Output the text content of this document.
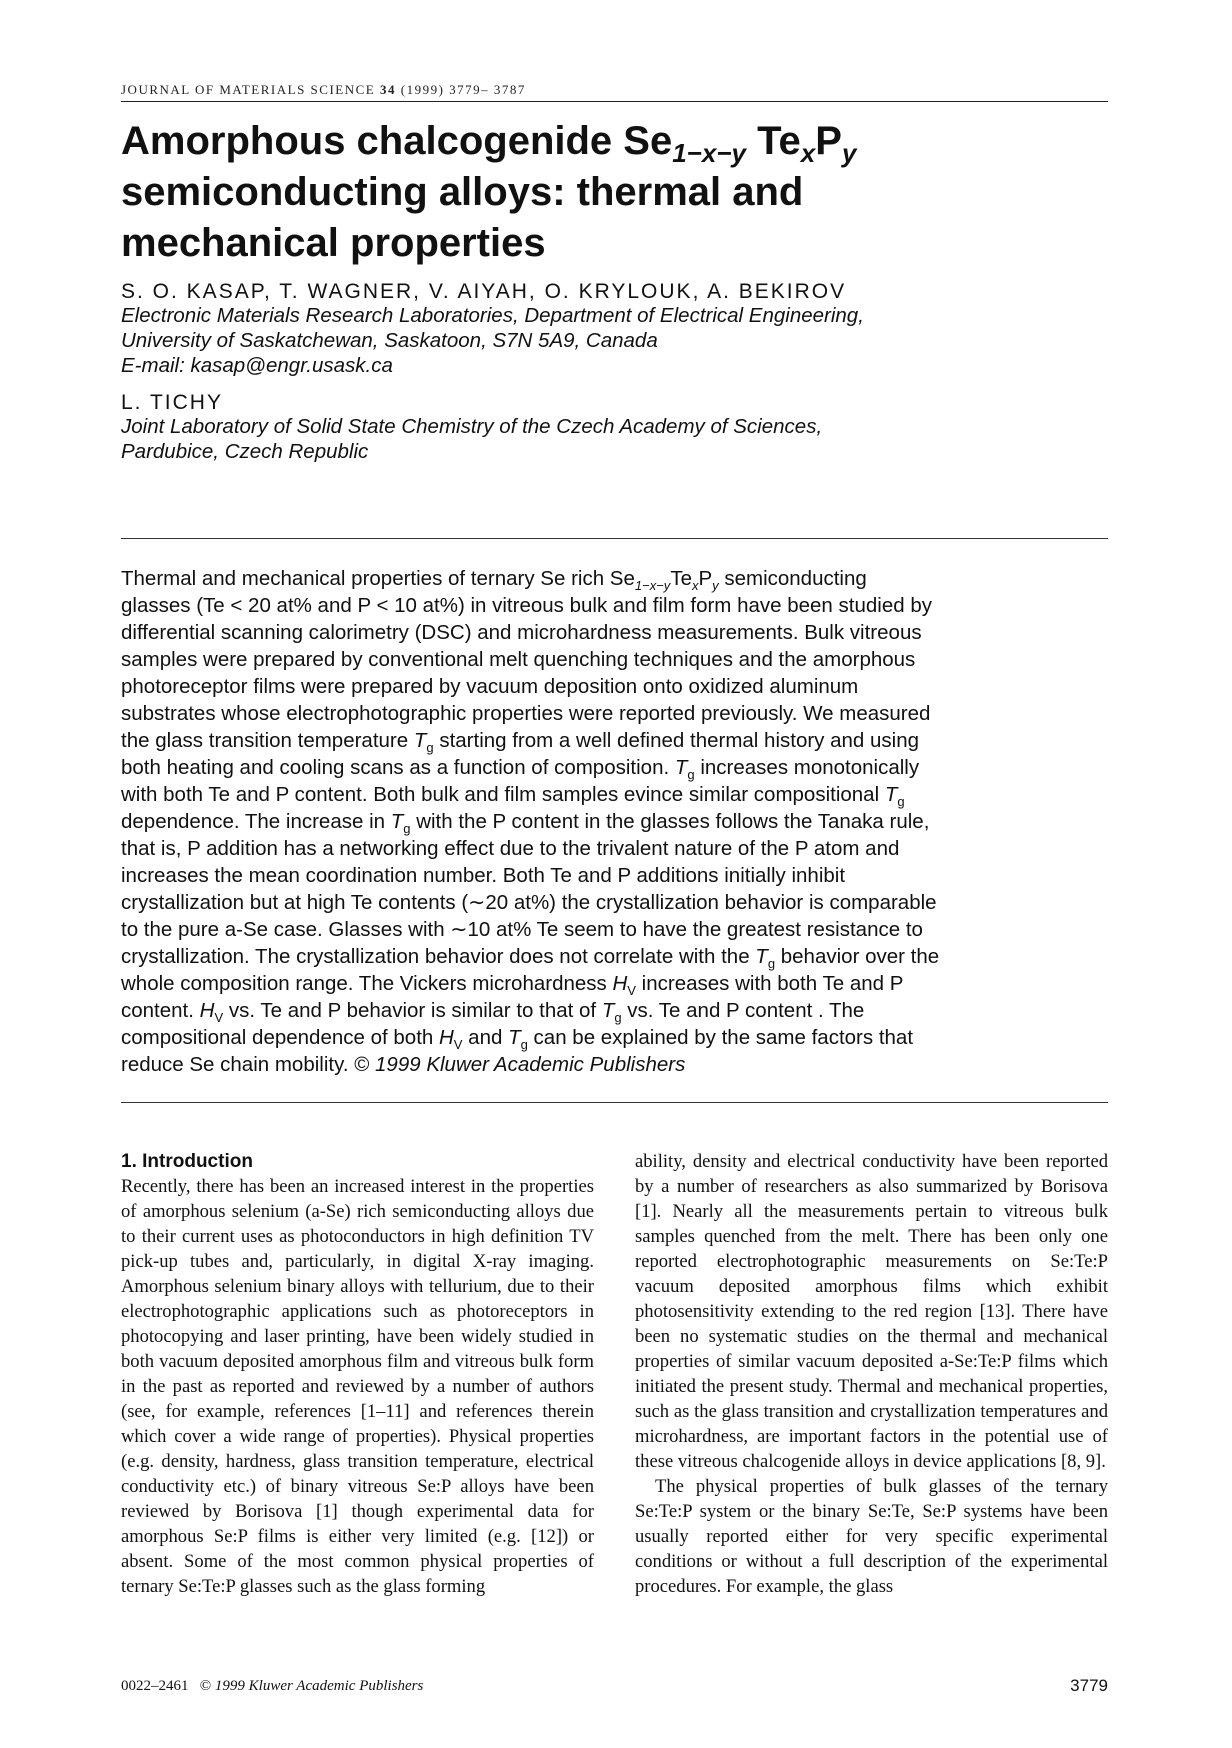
JOURNAL OF MATERIALS SCIENCE 34 (1999) 3779– 3787
Amorphous chalcogenide $Se_{1-x-y}$ $Te_xP_y$
semiconducting alloys: thermal and
mechanical properties
S. O. KASAP, T. WAGNER, V. AIYAH, O. KRYLOUK, A. BEKIROV
Electronic Materials Research Laboratories, Department of Electrical Engineering,
University of Saskatchewan, Saskatoon, S7N 5A9, Canada
E-mail: kasap@engr.usask.ca
L. TICHY
Joint Laboratory of Solid State Chemistry of the Czech Academy of Sciences,
Pardubice, Czech Republic
Thermal and mechanical properties of ternary Se rich $Se_{1-x-y}Te_xP_y$ semiconducting
glasses (Te < 20 at% and P < 10 at%) in vitreous bulk and film form have been studied by
differential scanning calorimetry (DSC) and microhardness measurements. Bulk vitreous
samples were prepared by conventional melt quenching techniques and the amorphous
photoreceptor films were prepared by vacuum deposition onto oxidized aluminum
substrates whose electrophotographic properties were reported previously. We measured
the glass transition temperature $T_g$ starting from a well defined thermal history and using
both heating and cooling scans as a function of composition. $T_g$ increases monotonically
with both Te and P content. Both bulk and film samples evince similar compositional $T_g$
dependence. The increase in $T_g$ with the P content in the glasses follows the Tanaka rule,
that is, P addition has a networking effect due to the trivalent nature of the P atom and
increases the mean coordination number. Both Te and P additions initially inhibit
crystallization but at high Te contents (∼20 at%) the crystallization behavior is comparable
to the pure a-Se case. Glasses with ∼10 at% Te seem to have the greatest resistance to
crystallization. The crystallization behavior does not correlate with the $T_g$ behavior over the
whole composition range. The Vickers microhardness $H_V$ increases with both Te and P
content. $H_V$ vs. Te and P behavior is similar to that of $T_g$ vs. Te and P content . The
compositional dependence of both $H_V$ and $T_g$ can be explained by the same factors that
reduce Se chain mobility. © 1999 Kluwer Academic Publishers
1. Introduction

Recently, there has been an increased interest in the properties of amorphous selenium (a-Se) rich semiconducting alloys due to their current uses as photoconductors in high definition TV pick-up tubes and, particularly, in digital X-ray imaging. Amorphous selenium binary alloys with tellurium, due to their electrophotographic applications such as photoreceptors in photocopying and laser printing, have been widely studied in both vacuum deposited amorphous film and vitreous bulk form in the past as reported and reviewed by a number of authors (see, for example, references [1–11] and references therein which cover a wide range of properties). Physical properties (e.g. density, hardness, glass transition temperature, electrical conductivity etc.) of binary vitreous Se:P alloys have been reviewed by Borisova [1] though experimental data for amorphous Se:P films is either very limited (e.g. [12]) or absent. Some of the most common physical properties of ternary Se:Te:P glasses such as the glass forming

ability, density and electrical conductivity have been reported by a number of researchers as also summarized by Borisova [1]. Nearly all the measurements pertain to vitreous bulk samples quenched from the melt. There has been only one reported electrophotographic measurements on Se:Te:P vacuum deposited amorphous films which exhibit photosensitivity extending to the red region [13]. There have been no systematic studies on the thermal and mechanical properties of similar vacuum deposited a-Se:Te:P films which initiated the present study. Thermal and mechanical properties, such as the glass transition and crystallization temperatures and microhardness, are important factors in the potential use of these vitreous chalcogenide alloys in device applications [8, 9].

The physical properties of bulk glasses of the ternary Se:Te:P system or the binary Se:Te, Se:P systems have been usually reported either for very specific experimental conditions or without a full description of the experimental procedures. For example, the glass

0022–2461 © 1999 Kluwer Academic Publishers	3779
